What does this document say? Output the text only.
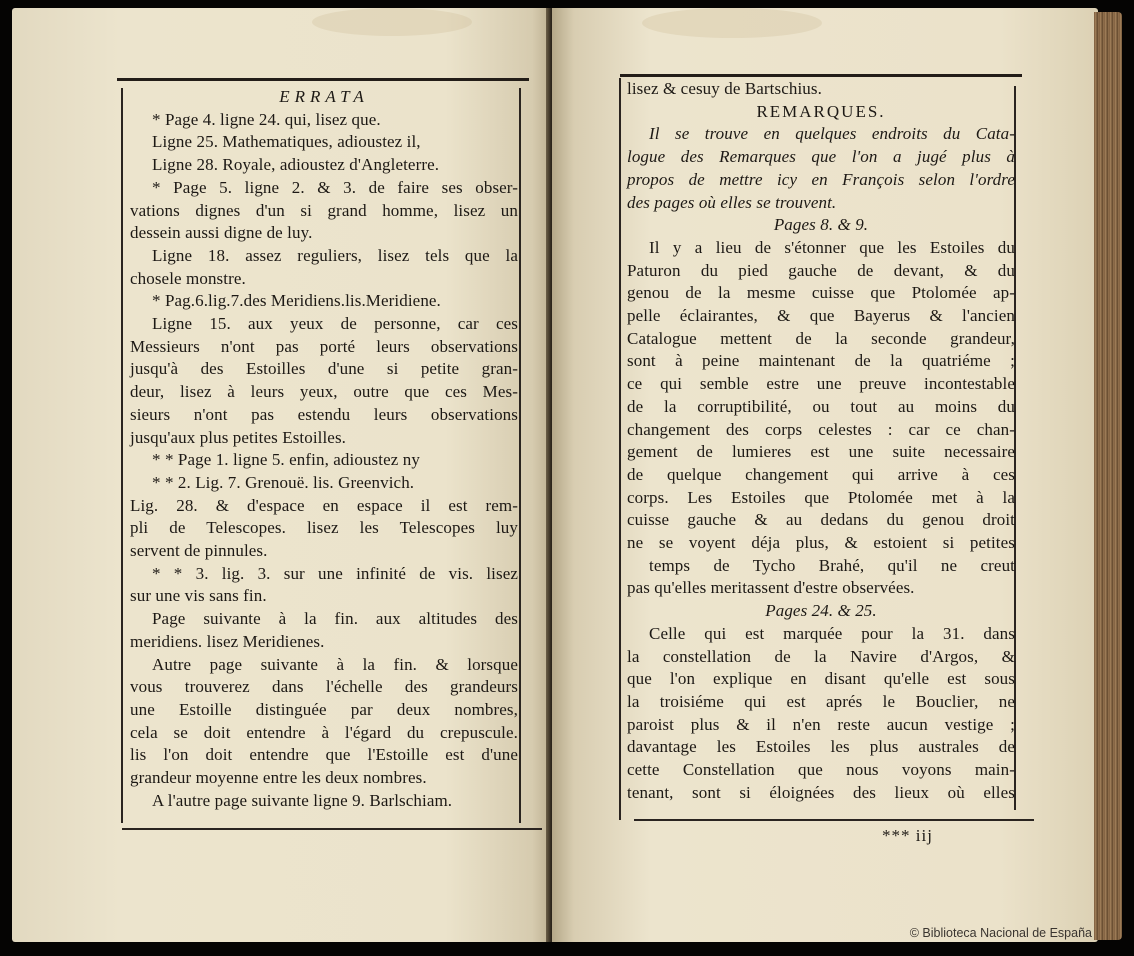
ERRATA
* Page 4. ligne 24. qui, lisez que.
Ligne 25. Mathematiques, adioustez il,
Ligne 28. Royale, adioustez d'Angleterre.
* Page 5. ligne 2. & 3. de faire ses obser-
vations dignes d'un si grand homme, lisez un
dessein aussi digne de luy.
Ligne 18. assez reguliers, lisez tels que la
chosele monstre.
* Pag.6.lig.7.des Meridiens.lis.Meridiene.
Ligne 15. aux yeux de personne, car ces
Messieurs n'ont pas porté leurs observations
jusqu'à des Estoilles d'une si petite gran-
deur, lisez à leurs yeux, outre que ces Mes-
sieurs n'ont pas estendu leurs observations
jusqu'aux plus petites Estoilles.
* * Page 1. ligne 5. enfin, adioustez ny
* * 2. Lig. 7. Grenouë. lis. Greenvich.
Lig. 28. & d'espace en espace il est rem-
pli de Telescopes. lisez les Telescopes luy
servent de pinnules.
* * 3. lig. 3. sur une infinité de vis. lisez
sur une vis sans fin.
Page suivante à la fin. aux altitudes des
meridiens. lisez Meridienes.
Autre page suivante à la fin. & lorsque
vous trouverez dans l'échelle des grandeurs
une Estoille distinguée par deux nombres,
cela se doit entendre à l'égard du crepuscule.
lis l'on doit entendre que l'Estoille est d'une
grandeur moyenne entre les deux nombres.
A l'autre page suivante ligne 9. Barlschiam.
lisez & cesuy de Bartschius.
REMARQUES.
Il se trouve en quelques endroits du Cata-
logue des Remarques que l'on a jugé plus à
propos de mettre icy en François selon l'ordre
des pages où elles se trouvent.
Pages 8. & 9.
Il y a lieu de s'étonner que les Estoiles du
Paturon du pied gauche de devant, & du
genou de la mesme cuisse que Ptolomée ap-
pelle éclairantes, & que Bayerus & l'ancien
Catalogue mettent de la seconde grandeur,
sont à peine maintenant de la quatriéme ;
ce qui semble estre une preuve incontestable
de la corruptibilité, ou tout au moins du
changement des corps celestes : car ce chan-
gement de lumieres est une suite necessaire
de quelque changement qui arrive à ces
corps. Les Estoiles que Ptolomée met à la
cuisse gauche & au dedans du genou droit
ne se voyent déja plus, & estoient si petites
temps de Tycho Brahé, qu'il ne creut
pas qu'elles meritassent d'estre observées.
Pages 24. & 25.
Celle qui est marquée pour la 31. dans
la constellation de la Navire d'Argos, &
que l'on explique en disant qu'elle est sous
la troisiéme qui est aprés le Bouclier, ne
paroist plus & il n'en reste aucun vestige ;
davantage les Estoiles les plus australes de
cette Constellation que nous voyons main-
tenant, sont si éloignées des lieux où elles
*** iij
© Biblioteca Nacional de España
